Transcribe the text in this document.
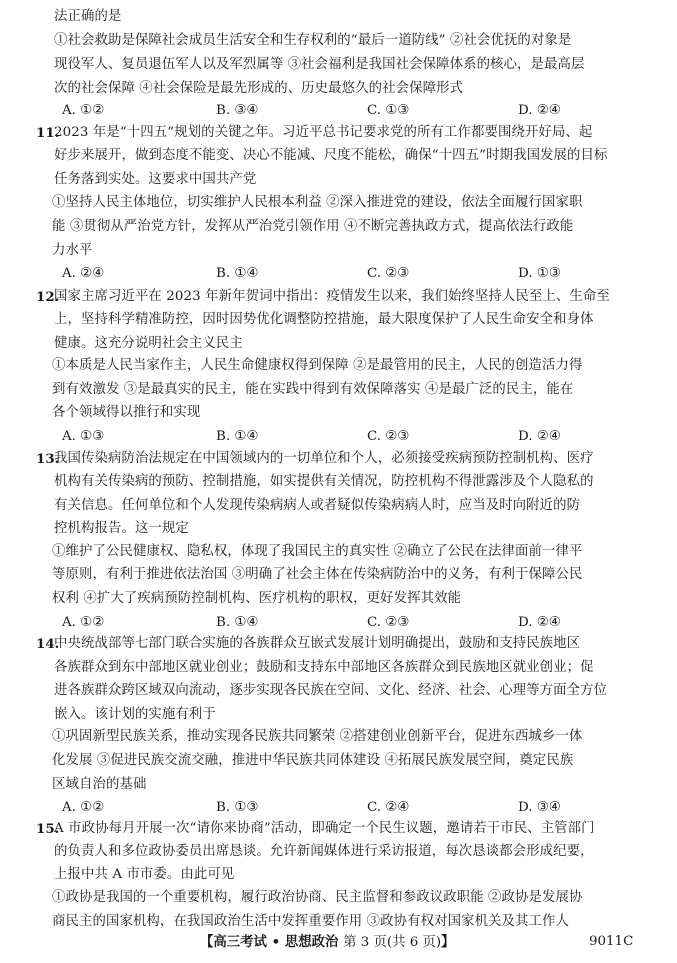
法正确的是
①社会救助是保障社会成员生活安全和生存权利的“最后一道防线” ②社会优抚的对象是
现役军人、复员退伍军人以及军烈属等 ③社会福利是我国社会保障体系的核心，是最高层
次的社会保障 ④社会保险是最先形成的、历史最悠久的社会保障形式
A. ①②	B. ③④	C. ①③	D. ②④
11.
2023 年是“十四五”规划的关键之年。习近平总书记要求党的所有工作都要围绕开好局、起
好步来展开，做到态度不能变、决心不能减、尺度不能松，确保“十四五”时期我国发展的目标
任务落到实处。这要求中国共产党
①坚持人民主体地位，切实维护人民根本利益 ②深入推进党的建设，依法全面履行国家职
能 ③贯彻从严治党方针，发挥从严治党引领作用 ④不断完善执政方式，提高依法行政能
力水平
A. ②④	B. ①④	C. ②③	D. ①③
12.
国家主席习近平在 2023 年新年贺词中指出：疫情发生以来，我们始终坚持人民至上、生命至
上，坚持科学精准防控，因时因势优化调整防控措施，最大限度保护了人民生命安全和身体
健康。这充分说明社会主义民主
①本质是人民当家作主，人民生命健康权得到保障 ②是最管用的民主，人民的创造活力得
到有效激发 ③是最真实的民主，能在实践中得到有效保障落实 ④是最广泛的民主，能在
各个领域得以推行和实现
A. ①③	B. ①④	C. ②③	D. ②④
13.
我国传染病防治法规定在中国领域内的一切单位和个人，必须接受疾病预防控制机构、医疗
机构有关传染病的预防、控制措施，如实提供有关情况，防控机构不得泄露涉及个人隐私的
有关信息。任何单位和个人发现传染病病人或者疑似传染病病人时，应当及时向附近的防
控机构报告。这一规定
①维护了公民健康权、隐私权，体现了我国民主的真实性 ②确立了公民在法律面前一律平
等原则，有利于推进依法治国 ③明确了社会主体在传染病防治中的义务，有利于保障公民
权利 ④扩大了疾病预防控制机构、医疗机构的职权，更好发挥其效能
A. ①②	B. ①④	C. ②③	D. ②④
14.
中央统战部等七部门联合实施的各族群众互嵌式发展计划明确提出，鼓励和支持民族地区
各族群众到东中部地区就业创业；鼓励和支持东中部地区各族群众到民族地区就业创业；促
进各族群众跨区域双向流动，逐步实现各民族在空间、文化、经济、社会、心理等方面全方位
嵌入。该计划的实施有利于
①巩固新型民族关系，推动实现各民族共同繁荣 ②搭建创业创新平台，促进东西城乡一体
化发展 ③促进民族交流交融，推进中华民族共同体建设 ④拓展民族发展空间，奠定民族
区域自治的基础
A. ①②	B. ①③	C. ②④	D. ③④
15.
A 市政协每月开展一次“请你来协商”活动，即确定一个民生议题，邀请若干市民、主管部门
的负责人和多位政协委员出席恳谈。允许新闻媒体进行采访报道，每次恳谈都会形成纪要，
上报中共 A 市市委。由此可见
【高三考试 • 思想政治 第 3 页(共 6 页)】	9011C
①政协是我国的一个重要机构，履行政治协商、民主监督和参政议政职能 ②政协是发展协
商民主的国家机构，在我国政治生活中发挥重要作用 ③政协有权对国家机关及其工作人
